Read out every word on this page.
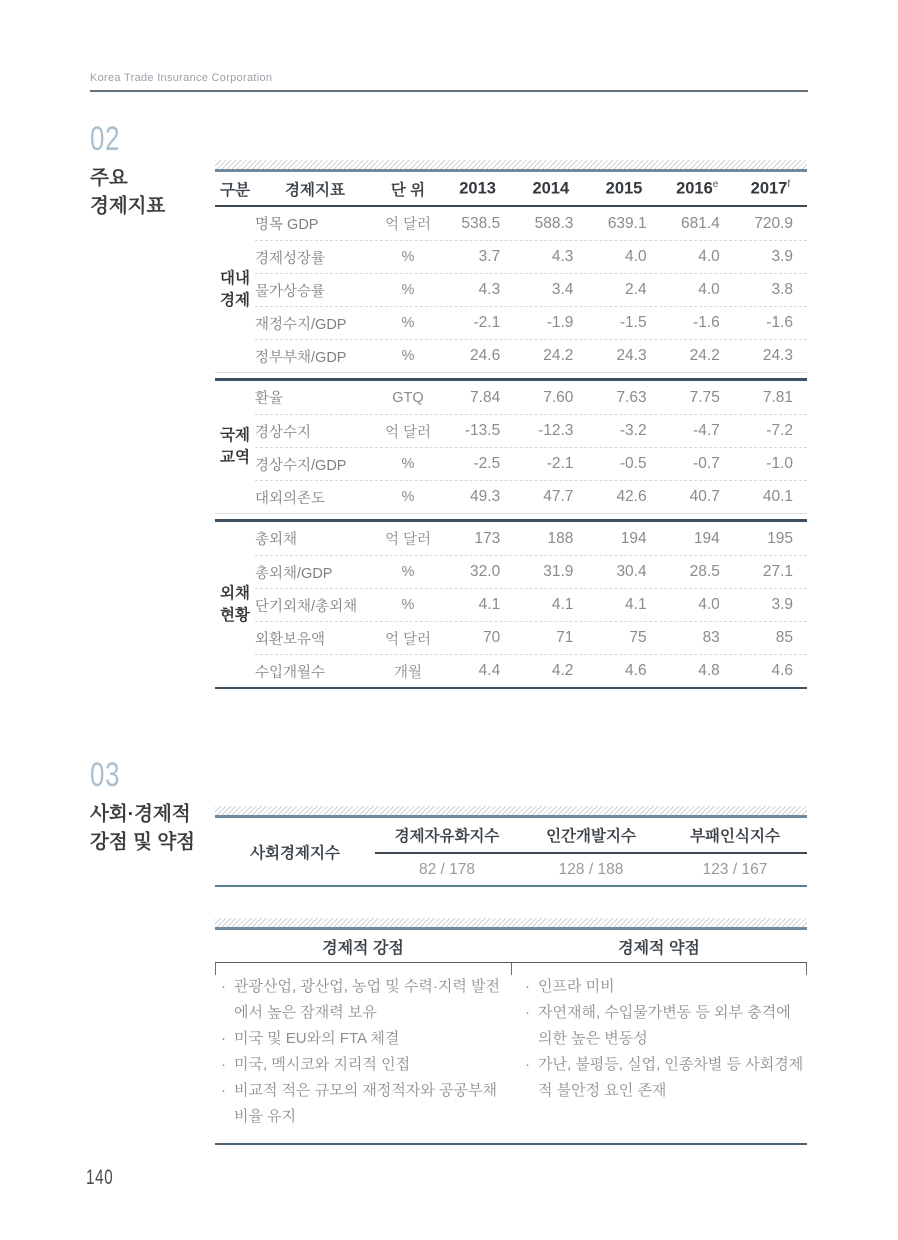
Korea Trade Insurance Corporation
02
주요
경제지표
구분	경제지표	단 위	2013	2014	2015	2016e	2017$^f$
대내
경제
명목 GDP	억 달러	538.5	588.3	639.1	681.4	720.9
경제성장률	%	3.7	4.3	4.0	4.0	3.9
물가상승률	%	4.3	3.4	2.4	4.0	3.8
재정수지/GDP	%	-2.1	-1.9	-1.5	-1.6	-1.6
정부부채/GDP	%	24.6	24.2	24.3	24.2	24.3
국제
교역
환율	GTQ	7.84	7.60	7.63	7.75	7.81
경상수지	억 달러	-13.5	-12.3	-3.2	-4.7	-7.2
경상수지/GDP	%	-2.5	-2.1	-0.5	-0.7	-1.0
대외의존도	%	49.3	47.7	42.6	40.7	40.1
외채
현황
총외채	억 달러	173	188	194	194	195
총외채/GDP	%	32.0	31.9	30.4	28.5	27.1
단기외채/총외채	%	4.1	4.1	4.1	4.0	3.9
외환보유액	억 달러	70	71	75	83	85
수입개월수	개월	4.4	4.2	4.6	4.8	4.6
03
사회·경제적
강점 및 약점	사회경제지수
경제자유화지수	인간개발지수	부패인식지수
82 / 178	128 / 188	123 / 167
경제적 강점	경제적 약점
· 관광산업, 광산업, 농업 및 수력·지력 발전에서 높은 잠재력 보유
· 미국 및 EU와의 FTA 체결
· 미국, 멕시코와 지리적 인접
· 비교적 적은 규모의 재정적자와 공공부채 비율 유지
· 인프라 미비
· 자연재해, 수입물가변동 등 외부 충격에 의한 높은 변동성
· 가난, 불평등, 실업, 인종차별 등 사회경제적 불안정 요인 존재
140
